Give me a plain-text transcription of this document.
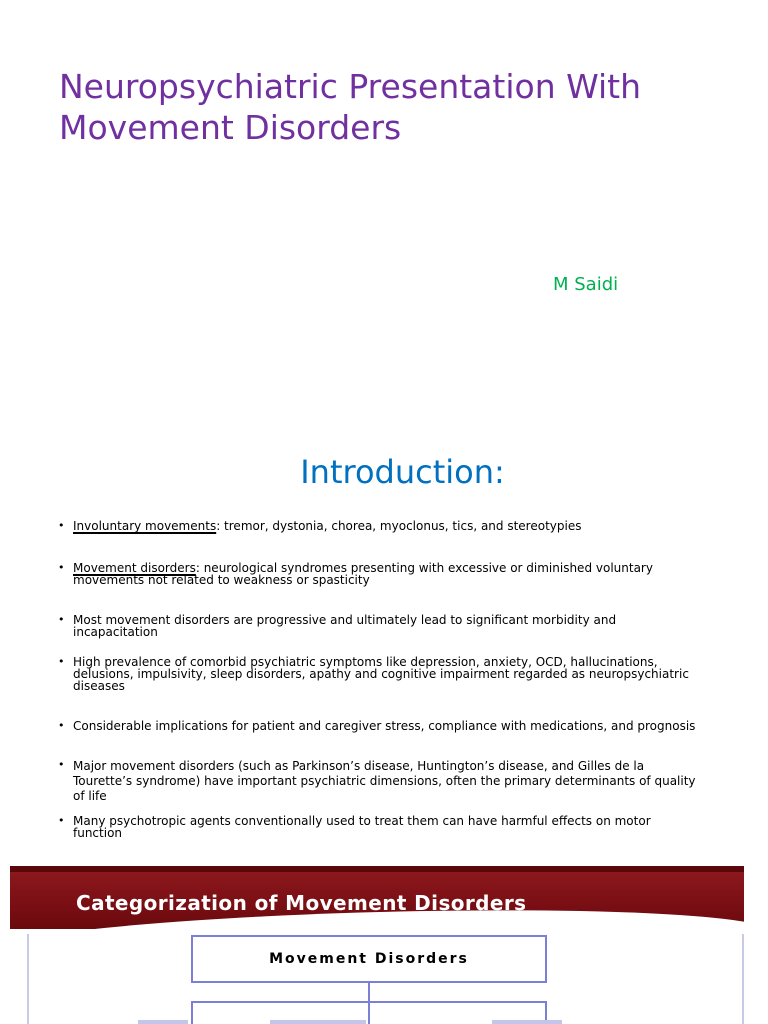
Neuropsychiatric Presentation With Movement Disorders
M Saidi
Introduction:
• Involuntary movements: tremor, dystonia, chorea, myoclonus, tics, and stereotypies
• Movement disorders: neurological syndromes presenting with excessive or diminished voluntary movements not related to weakness or spasticity
• Most movement disorders are progressive and ultimately lead to significant morbidity and incapacitation
• High prevalence of comorbid psychiatric symptoms like depression, anxiety, OCD, hallucinations, delusions, impulsivity, sleep disorders, apathy and cognitive impairment regarded as neuropsychiatric diseases
• Considerable implications for patient and caregiver stress, compliance with medications, and prognosis
• Major movement disorders (such as Parkinson’s disease, Huntington’s disease, and Gilles de la Tourette’s syndrome) have important psychiatric dimensions, often the primary determinants of quality of life
• Many psychotropic agents conventionally used to treat them can have harmful effects on motor function
Categorization of Movement Disorders
Movement Disorders
